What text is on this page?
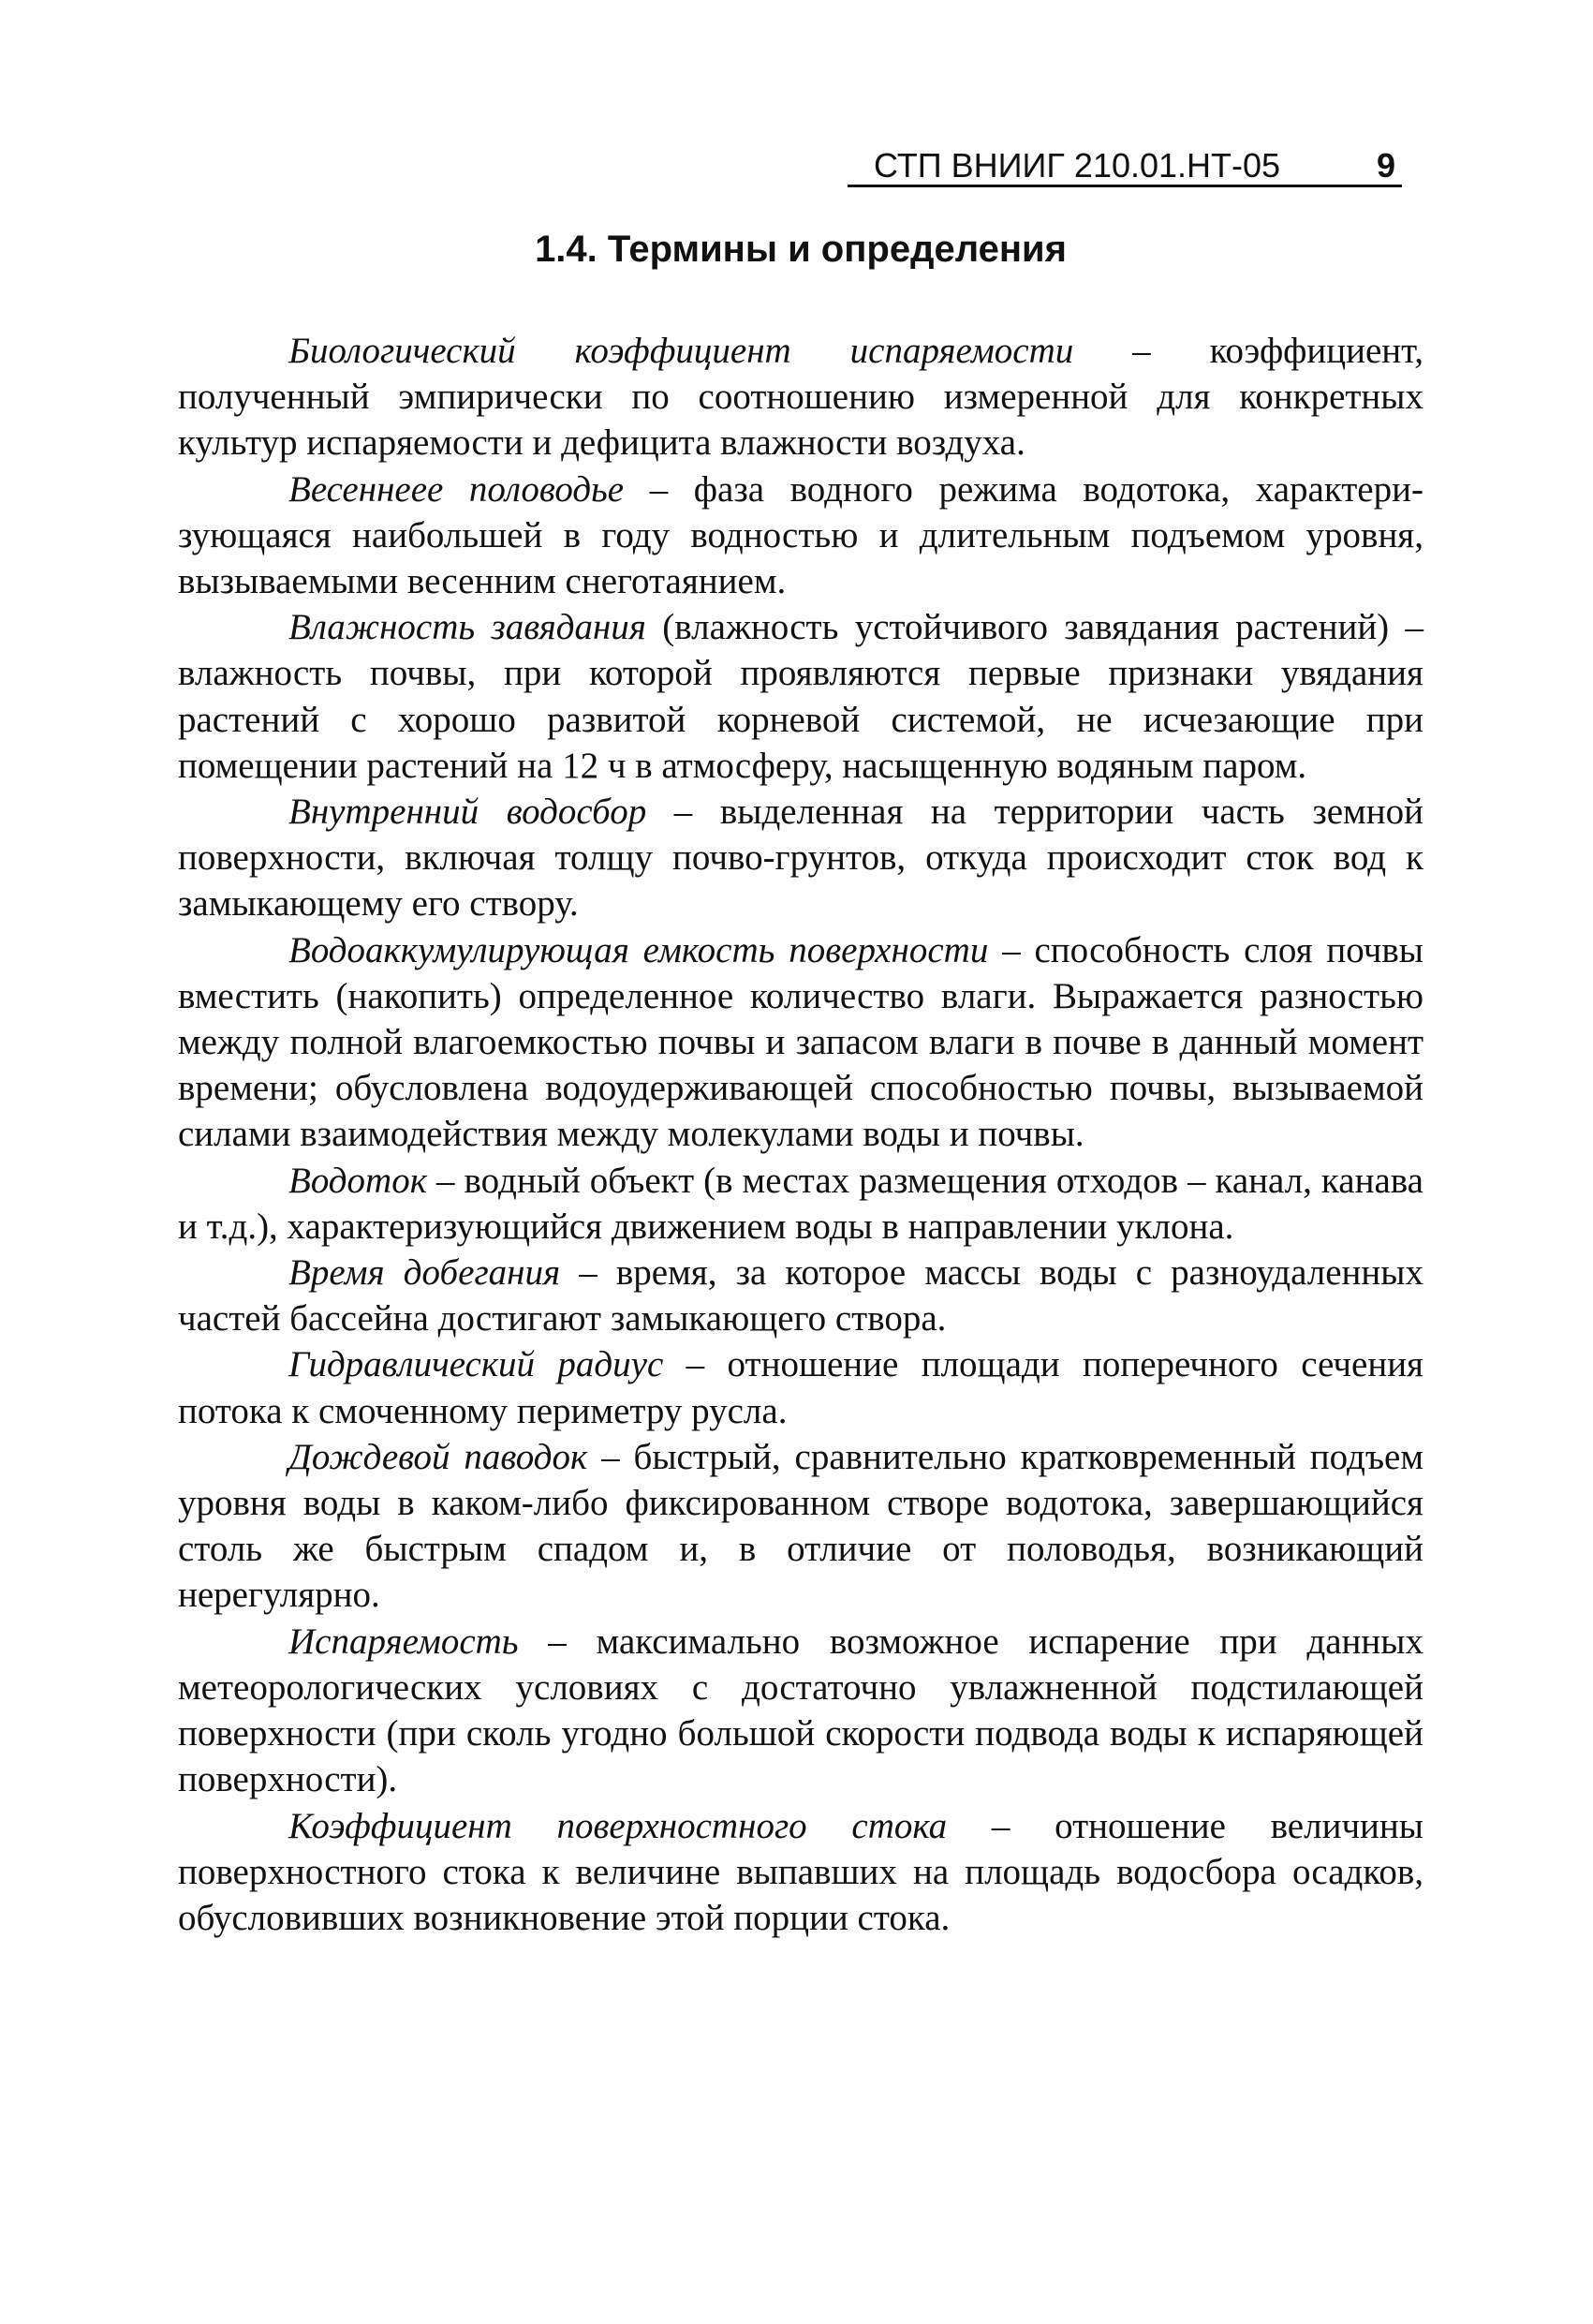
СТП ВНИИГ 210.01.НТ-05	9
1.4. Термины и определения

Биологический коэффициент испаряемости – коэффициент, полученный эмпирически по соотношению измеренной для конкретных культур испаряемости и дефицита влажности воздуха.

Весеннеее половодье – фаза водного режима водотока, характеризующаяся наибольшей в году водностью и длительным подъемом уровня, вызываемыми весенним снеготаянием.

Влажность завядания (влажность устойчивого завядания растений) – влажность почвы, при которой проявляются первые признаки увядания растений с хорошо развитой корневой системой, не исчезающие при помещении растений на 12 ч в атмосферу, насыщенную водяным паром.

Внутренний водосбор – выделенная на территории часть земной поверхности, включая толщу почво-грунтов, откуда происходит сток вод к замыкающему его створу.

Водоаккумулирующая емкость поверхности – способность слоя почвы вместить (накопить) определенное количество влаги. Выражается разностью между полной влагоемкостью почвы и запасом влаги в почве в данный момент времени; обусловлена водоудерживающей способностью почвы, вызываемой силами взаимодействия между молекулами воды и почвы.

Водоток – водный объект (в местах размещения отходов – канал, канава и т.д.), характеризующийся движением воды в направлении уклона.

Время добегания – время, за которое массы воды с разноудаленных частей бассейна достигают замыкающего створа.

Гидравлический радиус – отношение площади поперечного сечения потока к смоченному периметру русла.

Дождевой паводок – быстрый, сравнительно кратковременный подъем уровня воды в каком-либо фиксированном створе водотока, завершающийся столь же быстрым спадом и, в отличие от половодья, возникающий нерегулярно.

Испаряемость – максимально возможное испарение при данных метеорологических условиях с достаточно увлажненной подстилающей поверхности (при сколь угодно большой скорости подвода воды к испаряющей поверхности).

Коэффициент поверхностного стока – отношение величины поверхностного стока к величине выпавших на площадь водосбора осадков, обусловивших возникновение этой порции стока.
